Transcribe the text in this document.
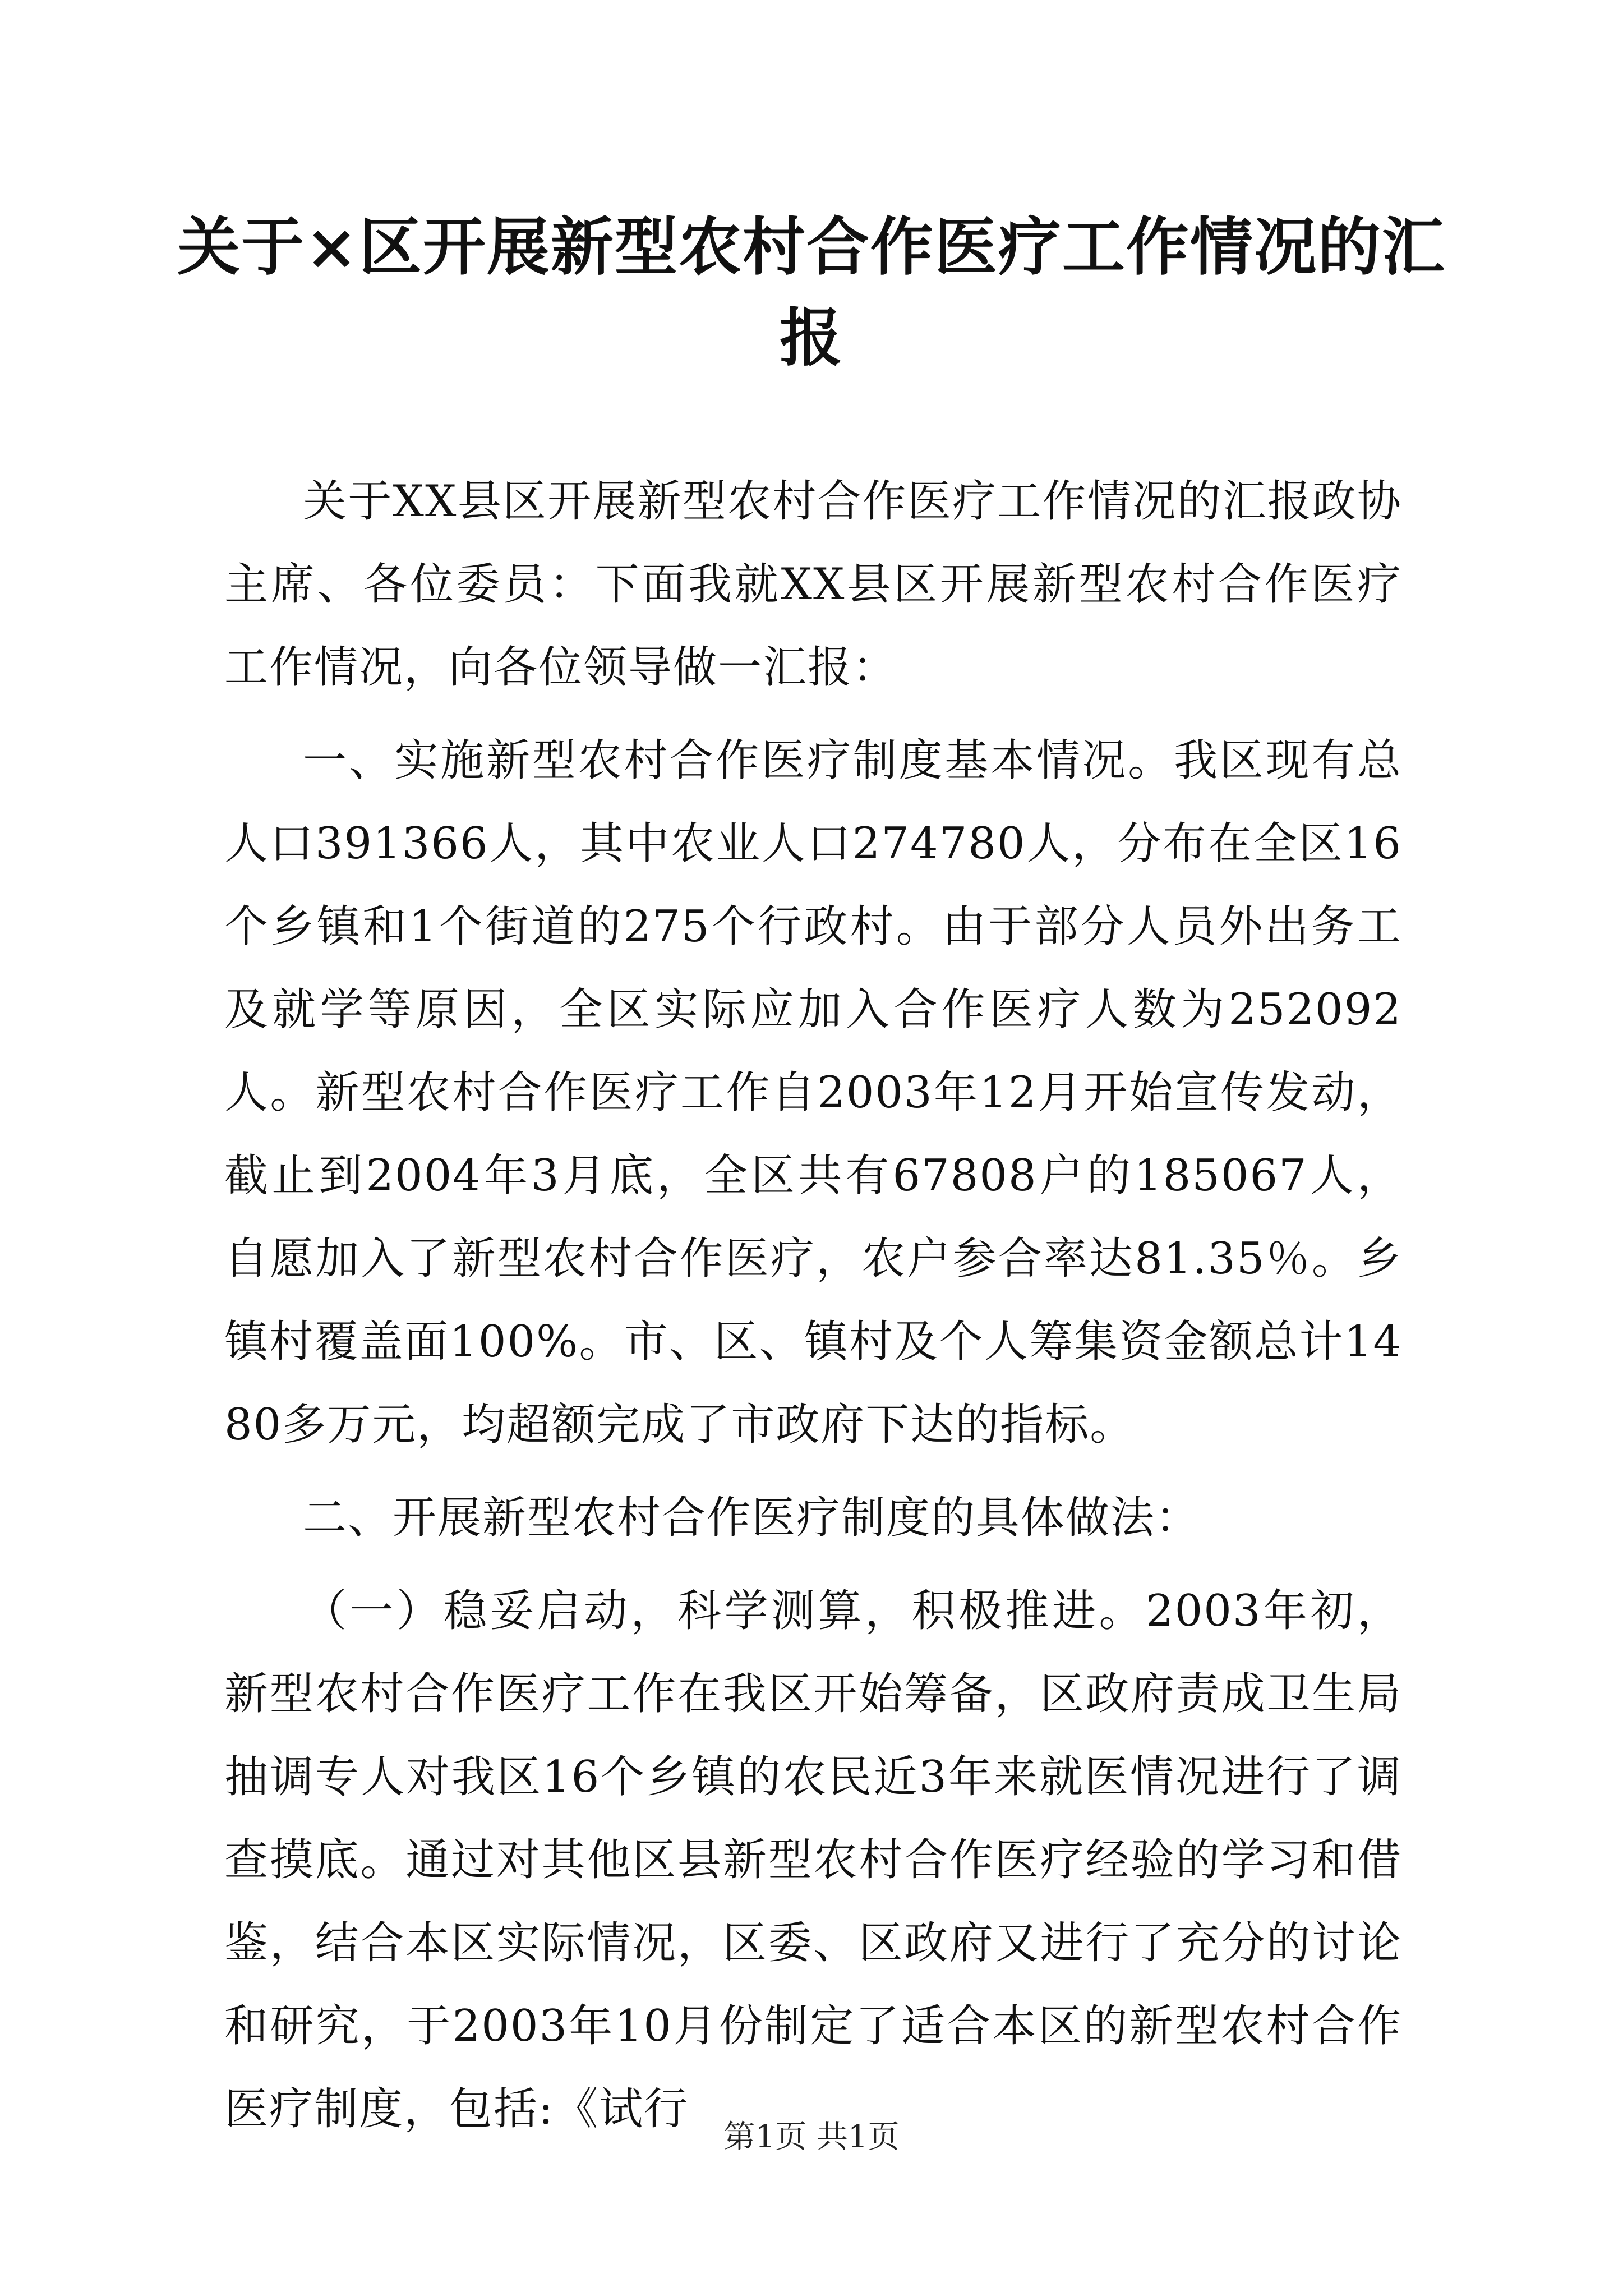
关于×区开展新型农村合作医疗工作情况的汇报

关于XX县区开展新型农村合作医疗工作情况的汇报政协主席、各位委员：下面我就XX县区开展新型农村合作医疗工作情况，向各位领导做一汇报：

一、实施新型农村合作医疗制度基本情况。我区现有总人口391366人，其中农业人口274780人，分布在全区16个乡镇和1个街道的275个行政村。由于部分人员外出务工及就学等原因，全区实际应加入合作医疗人数为252092人。新型农村合作医疗工作自2003年12月开始宣传发动，截止到2004年3月底，全区共有67808户的185067人，自愿加入了新型农村合作医疗，农户参合率达81.35％。乡镇村覆盖面100%。市、区、镇村及个人筹集资金额总计1480多万元，均超额完成了市政府下达的指标。

二、开展新型农村合作医疗制度的具体做法：

（一）稳妥启动，科学测算，积极推进。2003年初，新型农村合作医疗工作在我区开始筹备，区政府责成卫生局抽调专人对我区16个乡镇的农民近3年来就医情况进行了调查摸底。通过对其他区县新型农村合作医疗经验的学习和借鉴，结合本区实际情况，区委、区政府又进行了充分的讨论和研究，于2003年10月份制定了适合本区的新型农村合作医疗制度，包括:《试行

第1页 共1页
